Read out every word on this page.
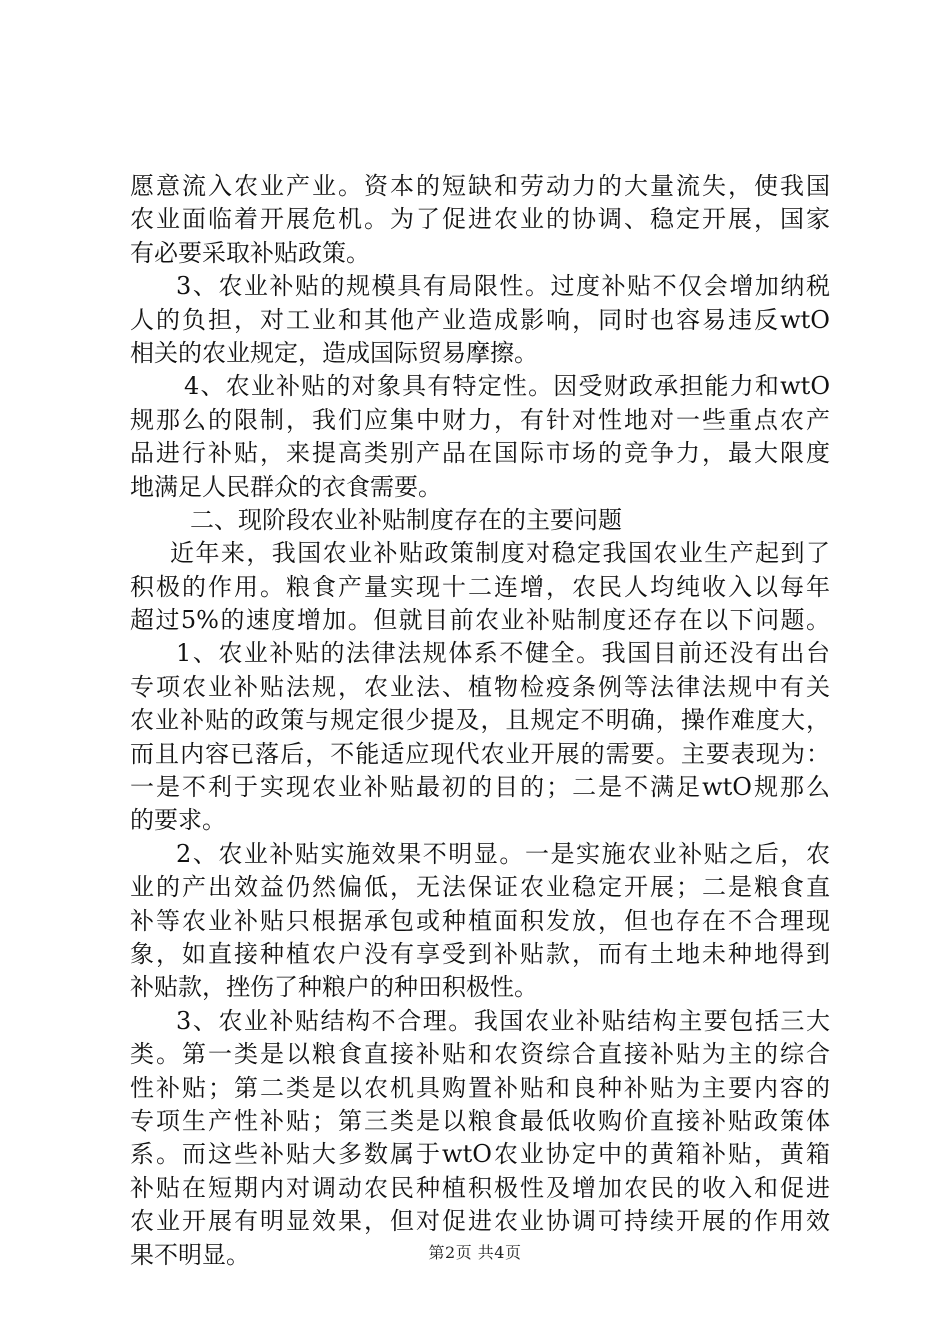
愿意流入农业产业。资本的短缺和劳动力的大量流失，使我国
农业面临着开展危机。为了促进农业的协调、稳定开展，国家
有必要采取补贴政策。
3、农业补贴的规模具有局限性。过度补贴不仅会增加纳税
人的负担，对工业和其他产业造成影响，同时也容易违反wtO
相关的农业规定，造成国际贸易摩擦。
4、农业补贴的对象具有特定性。因受财政承担能力和wtO
规那么的限制，我们应集中财力，有针对性地对一些重点农产
品进行补贴，来提高类别产品在国际市场的竞争力，最大限度
地满足人民群众的衣食需要。
二、现阶段农业补贴制度存在的主要问题
近年来，我国农业补贴政策制度对稳定我国农业生产起到了
积极的作用。粮食产量实现十二连增，农民人均纯收入以每年
超过5%的速度增加。但就目前农业补贴制度还存在以下问题。
1、农业补贴的法律法规体系不健全。我国目前还没有出台
专项农业补贴法规，农业法、植物检疫条例等法律法规中有关
农业补贴的政策与规定很少提及，且规定不明确，操作难度大，
而且内容已落后，不能适应现代农业开展的需要。主要表现为：
一是不利于实现农业补贴最初的目的；二是不满足wtO规那么
的要求。
2、农业补贴实施效果不明显。一是实施农业补贴之后，农
业的产出效益仍然偏低，无法保证农业稳定开展；二是粮食直
补等农业补贴只根据承包或种植面积发放，但也存在不合理现
象，如直接种植农户没有享受到补贴款，而有土地未种地得到
补贴款，挫伤了种粮户的种田积极性。
3、农业补贴结构不合理。我国农业补贴结构主要包括三大
类。第一类是以粮食直接补贴和农资综合直接补贴为主的综合
性补贴；第二类是以农机具购置补贴和良种补贴为主要内容的
专项生产性补贴；第三类是以粮食最低收购价直接补贴政策体
系。而这些补贴大多数属于wtO农业协定中的黄箱补贴，黄箱
补贴在短期内对调动农民种植积极性及增加农民的收入和促进
农业开展有明显效果，但对促进农业协调可持续开展的作用效
果不明显。	第2页 共4页
